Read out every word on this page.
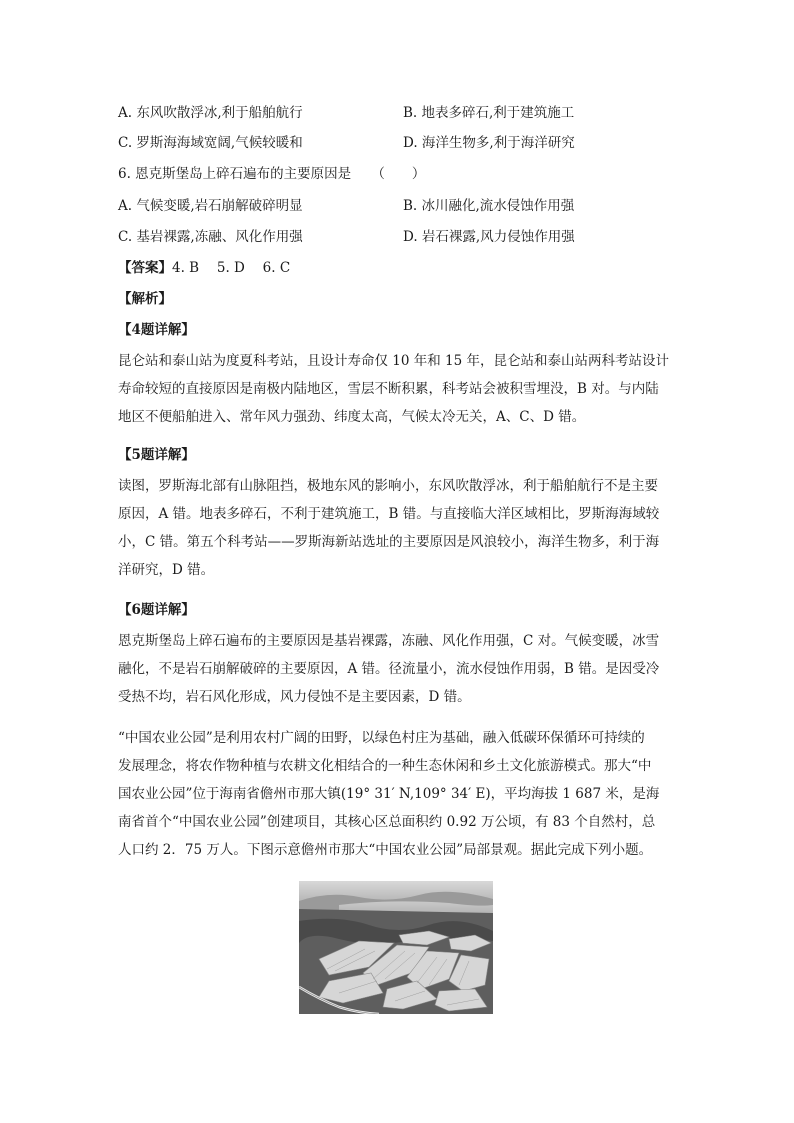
A. 东风吹散浮冰,利于船舶航行	B. 地表多碎石,利于建筑施工
C. 罗斯海海域宽阔,气候较暖和	D. 海洋生物多,利于海洋研究
6. 恩克斯堡岛上碎石遍布的主要原因是　　（　　）
A. 气候变暖,岩石崩解破碎明显	B. 冰川融化,流水侵蚀作用强
C. 基岩裸露,冻融、风化作用强	D. 岩石裸露,风力侵蚀作用强
【答案】4. B　 5. D　 6. C
【解析】
【4题详解】
昆仑站和泰山站为度夏科考站，且设计寿命仅 10 年和 15 年，昆仑站和泰山站两科考站设计
寿命较短的直接原因是南极内陆地区，雪层不断积累，科考站会被积雪埋没，B 对。与内陆
地区不便船舶进入、常年风力强劲、纬度太高，气候太冷无关，A、C、D 错。
【5题详解】
读图，罗斯海北部有山脉阻挡，极地东风的影响小，东风吹散浮冰，利于船舶航行不是主要
原因，A 错。地表多碎石，不利于建筑施工，B 错。与直接临大洋区域相比，罗斯海海域较
小，C 错。第五个科考站——罗斯海新站选址的主要原因是风浪较小，海洋生物多，利于海
洋研究，D 错。
【6题详解】
恩克斯堡岛上碎石遍布的主要原因是基岩裸露，冻融、风化作用强，C 对。气候变暖，冰雪
融化，不是岩石崩解破碎的主要原因，A 错。径流量小，流水侵蚀作用弱，B 错。是因受冷
受热不均，岩石风化形成，风力侵蚀不是主要因素，D 错。
“中国农业公园”是利用农村广阔的田野，以绿色村庄为基础，融入低碳环保循环可持续的
发展理念，将农作物种植与农耕文化相结合的一种生态休闲和乡土文化旅游模式。那大“中
国农业公园”位于海南省儋州市那大镇(19° 31′ N,109° 34′ E)，平均海拔 1 687 米，是海
南省首个“中国农业公园”创建项目，其核心区总面积约 0.92 万公顷，有 83 个自然村，总
人口约 2．75 万人。下图示意儋州市那大“中国农业公园”局部景观。据此完成下列小题。
